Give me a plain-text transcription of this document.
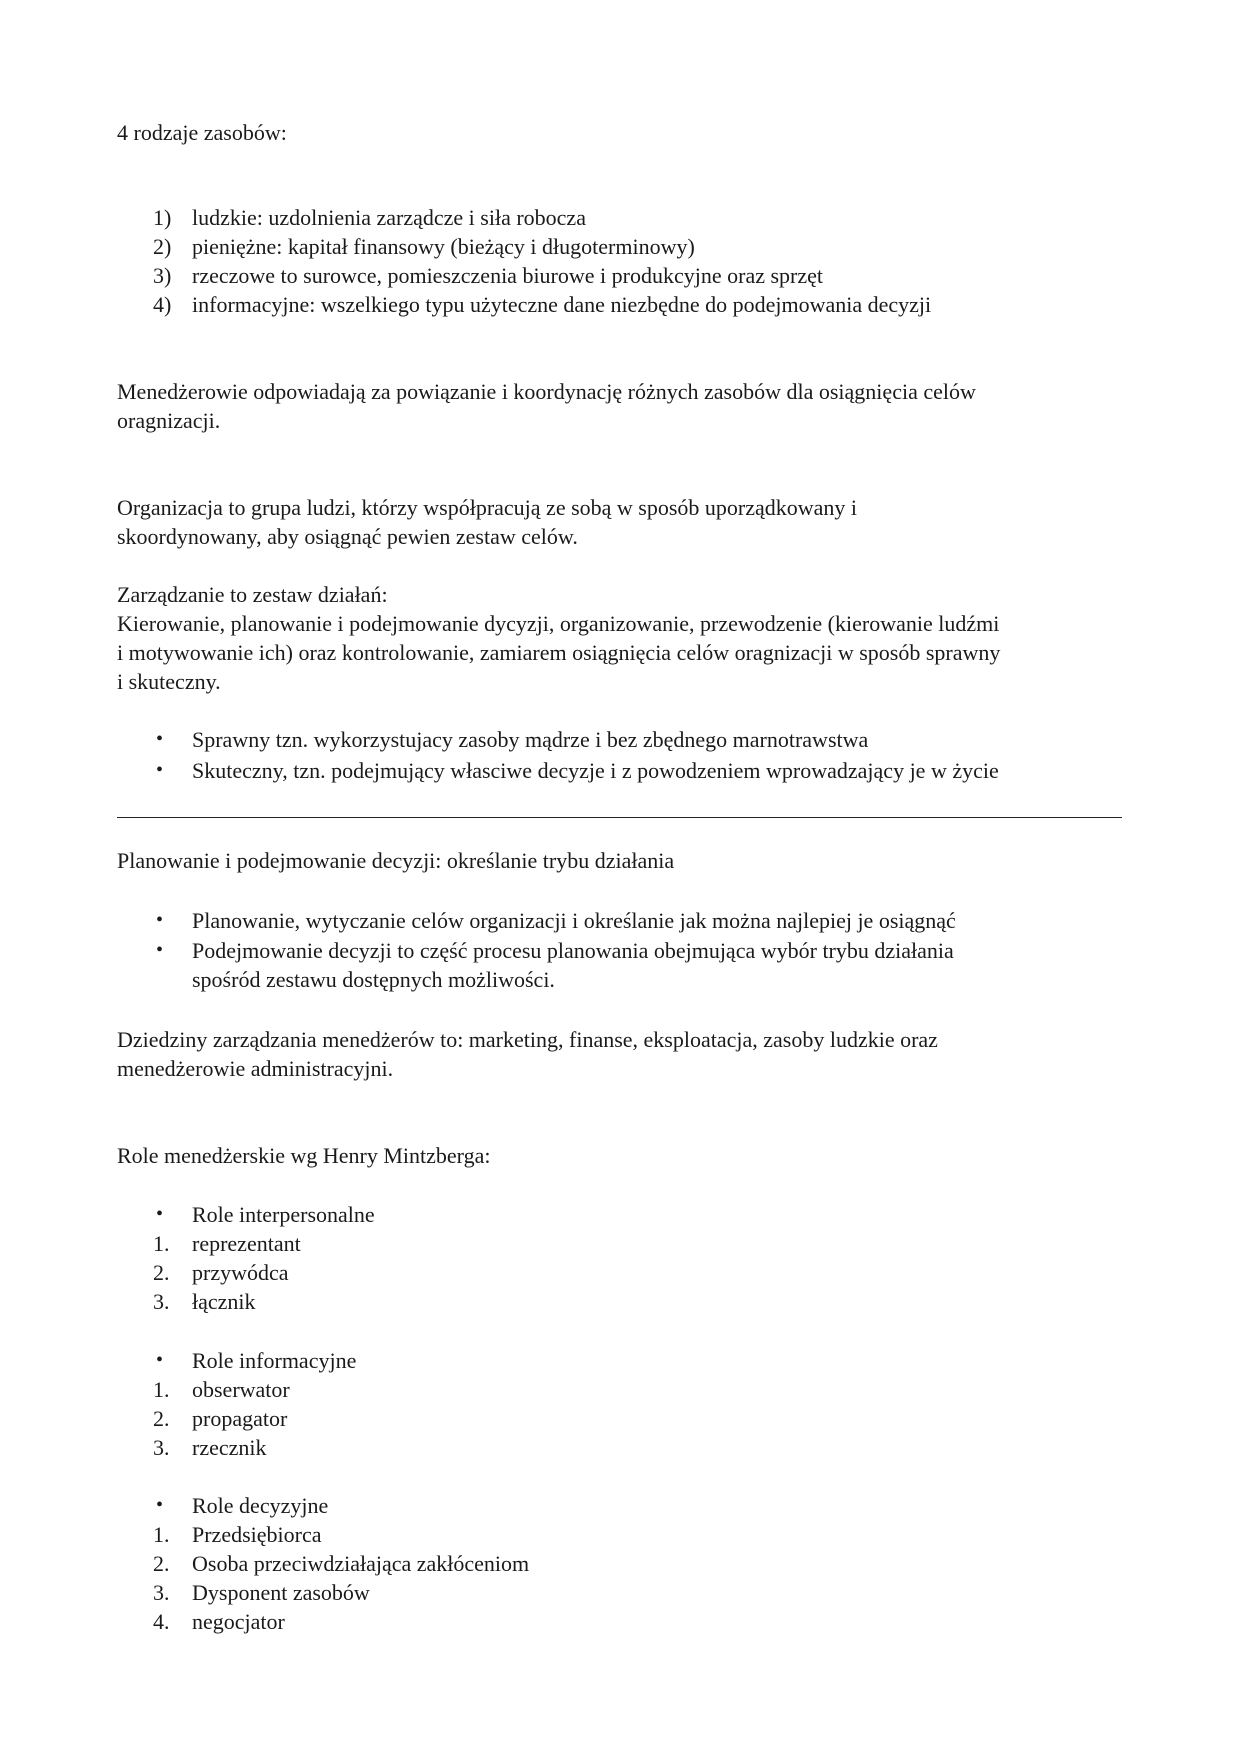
4 rodzaje zasobów:
1) ludzkie: uzdolnienia zarządcze i siła robocza
2) pieniężne: kapitał finansowy (bieżący i długoterminowy)
3) rzeczowe to surowce, pomieszczenia biurowe i produkcyjne oraz sprzęt
4) informacyjne: wszelkiego typu użyteczne dane niezbędne do podejmowania decyzji
Menedżerowie odpowiadają za powiązanie i koordynację różnych zasobów dla osiągnięcia celów
oragnizacji.
Organizacja to grupa ludzi, którzy współpracują ze sobą w sposób uporządkowany i
skoordynowany, aby osiągnąć pewien zestaw celów.
Zarządzanie to zestaw działań:
Kierowanie, planowanie i podejmowanie dycyzji, organizowanie, przewodzenie (kierowanie ludźmi
i motywowanie ich) oraz kontrolowanie, zamiarem osiągnięcia celów oragnizacji w sposób sprawny
i skuteczny.
• Sprawny tzn. wykorzystujacy zasoby mądrze i bez zbędnego marnotrawstwa
• Skuteczny, tzn. podejmujący własciwe decyzje i z powodzeniem wprowadzający je w życie
Planowanie i podejmowanie decyzji: określanie trybu działania
• Planowanie, wytyczanie celów organizacji i określanie jak można najlepiej je osiągnąć
• Podejmowanie decyzji to część procesu planowania obejmująca wybór trybu działania
spośród zestawu dostępnych możliwości.
Dziedziny zarządzania menedżerów to: marketing, finanse, eksploatacja, zasoby ludzkie oraz
menedżerowie administracyjni.
Role menedżerskie wg Henry Mintzberga:
• Role interpersonalne
1. reprezentant
2. przywódca
3. łącznik
• Role informacyjne
1. obserwator
2. propagator
3. rzecznik
• Role decyzyjne
1. Przedsiębiorca
2. Osoba przeciwdziałająca zakłóceniom
3. Dysponent zasobów
4. negocjator
